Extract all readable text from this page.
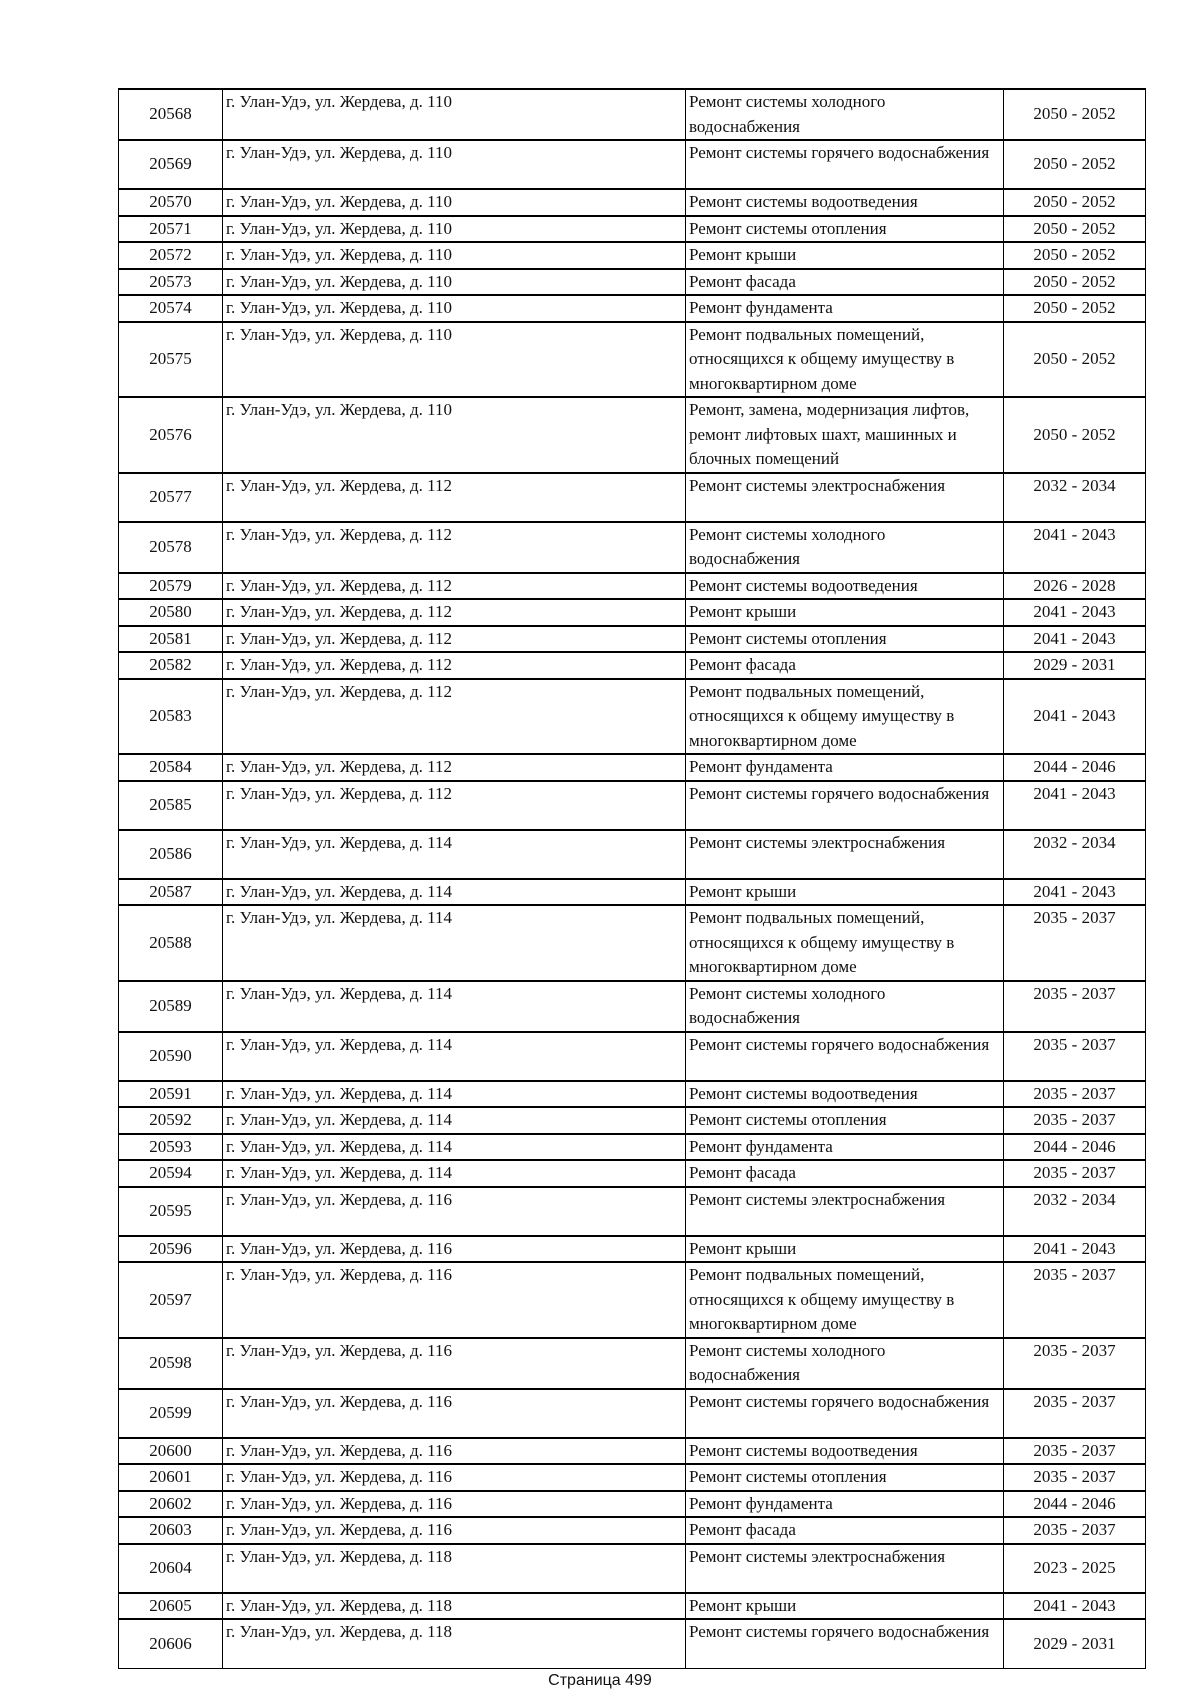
20568	г. Улан-Удэ, ул. Жердева, д. 110	Ремонт системы холодного водоснабжения	2050 - 2052
20569	г. Улан-Удэ, ул. Жердева, д. 110	Ремонт системы горячего водоснабжения	2050 - 2052
20570	г. Улан-Удэ, ул. Жердева, д. 110	Ремонт системы водоотведения	2050 - 2052
20571	г. Улан-Удэ, ул. Жердева, д. 110	Ремонт системы отопления	2050 - 2052
20572	г. Улан-Удэ, ул. Жердева, д. 110	Ремонт крыши	2050 - 2052
20573	г. Улан-Удэ, ул. Жердева, д. 110	Ремонт фасада	2050 - 2052
20574	г. Улан-Удэ, ул. Жердева, д. 110	Ремонт фундамента	2050 - 2052
20575	г. Улан-Удэ, ул. Жердева, д. 110	Ремонт подвальных помещений, относящихся к общему имуществу в многоквартирном доме	2050 - 2052
20576	г. Улан-Удэ, ул. Жердева, д. 110	Ремонт, замена, модернизация лифтов, ремонт лифтовых шахт, машинных и блочных помещений	2050 - 2052
20577	г. Улан-Удэ, ул. Жердева, д. 112	Ремонт системы электроснабжения	2032 - 2034
20578	г. Улан-Удэ, ул. Жердева, д. 112	Ремонт системы холодного водоснабжения	2041 - 2043
20579	г. Улан-Удэ, ул. Жердева, д. 112	Ремонт системы водоотведения	2026 - 2028
20580	г. Улан-Удэ, ул. Жердева, д. 112	Ремонт крыши	2041 - 2043
20581	г. Улан-Удэ, ул. Жердева, д. 112	Ремонт системы отопления	2041 - 2043
20582	г. Улан-Удэ, ул. Жердева, д. 112	Ремонт фасада	2029 - 2031
20583	г. Улан-Удэ, ул. Жердева, д. 112	Ремонт подвальных помещений, относящихся к общему имуществу в многоквартирном доме	2041 - 2043
20584	г. Улан-Удэ, ул. Жердева, д. 112	Ремонт фундамента	2044 - 2046
20585	г. Улан-Удэ, ул. Жердева, д. 112	Ремонт системы горячего водоснабжения	2041 - 2043
20586	г. Улан-Удэ, ул. Жердева, д. 114	Ремонт системы электроснабжения	2032 - 2034
20587	г. Улан-Удэ, ул. Жердева, д. 114	Ремонт крыши	2041 - 2043
20588	г. Улан-Удэ, ул. Жердева, д. 114	Ремонт подвальных помещений, относящихся к общему имуществу в многоквартирном доме	2035 - 2037
20589	г. Улан-Удэ, ул. Жердева, д. 114	Ремонт системы холодного водоснабжения	2035 - 2037
20590	г. Улан-Удэ, ул. Жердева, д. 114	Ремонт системы горячего водоснабжения	2035 - 2037
20591	г. Улан-Удэ, ул. Жердева, д. 114	Ремонт системы водоотведения	2035 - 2037
20592	г. Улан-Удэ, ул. Жердева, д. 114	Ремонт системы отопления	2035 - 2037
20593	г. Улан-Удэ, ул. Жердева, д. 114	Ремонт фундамента	2044 - 2046
20594	г. Улан-Удэ, ул. Жердева, д. 114	Ремонт фасада	2035 - 2037
20595	г. Улан-Удэ, ул. Жердева, д. 116	Ремонт системы электроснабжения	2032 - 2034
20596	г. Улан-Удэ, ул. Жердева, д. 116	Ремонт крыши	2041 - 2043
20597	г. Улан-Удэ, ул. Жердева, д. 116	Ремонт подвальных помещений, относящихся к общему имуществу в многоквартирном доме	2035 - 2037
20598	г. Улан-Удэ, ул. Жердева, д. 116	Ремонт системы холодного водоснабжения	2035 - 2037
20599	г. Улан-Удэ, ул. Жердева, д. 116	Ремонт системы горячего водоснабжения	2035 - 2037
20600	г. Улан-Удэ, ул. Жердева, д. 116	Ремонт системы водоотведения	2035 - 2037
20601	г. Улан-Удэ, ул. Жердева, д. 116	Ремонт системы отопления	2035 - 2037
20602	г. Улан-Удэ, ул. Жердева, д. 116	Ремонт фундамента	2044 - 2046
20603	г. Улан-Удэ, ул. Жердева, д. 116	Ремонт фасада	2035 - 2037
20604	г. Улан-Удэ, ул. Жердева, д. 118	Ремонт системы электроснабжения	2023 - 2025
20605	г. Улан-Удэ, ул. Жердева, д. 118	Ремонт крыши	2041 - 2043
20606	г. Улан-Удэ, ул. Жердева, д. 118	Ремонт системы горячего водоснабжения	2029 - 2031
Страница 499
